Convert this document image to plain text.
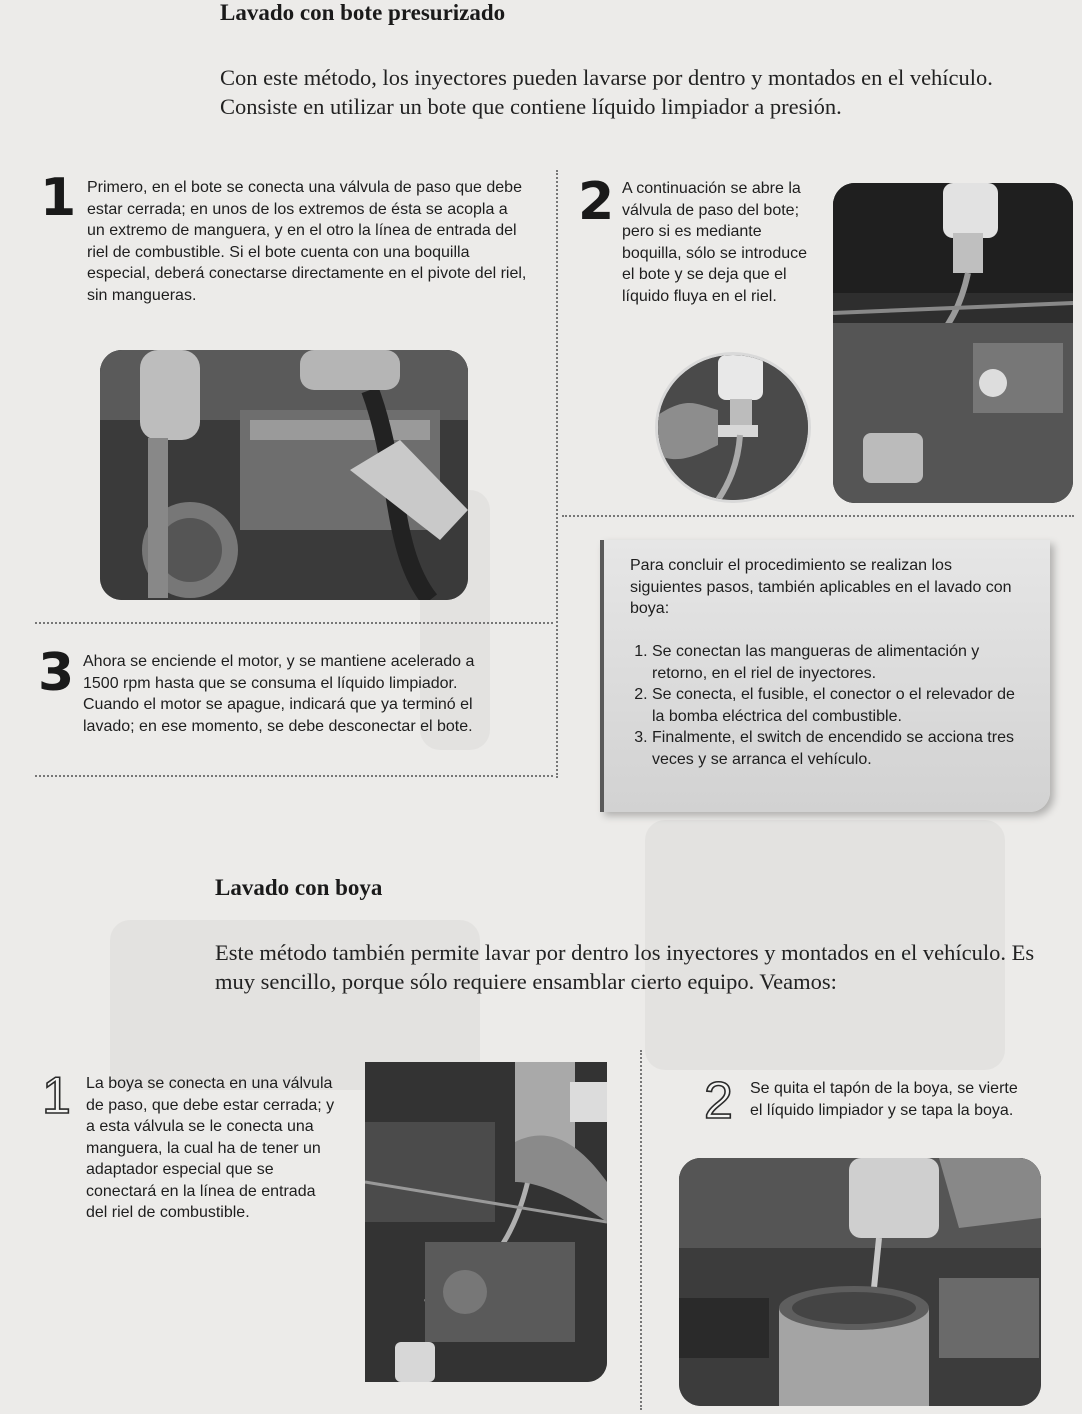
Lavado con bote presurizado
Con este método, los inyectores pueden lavarse por dentro y montados en el vehículo. Consiste en utilizar un bote que contiene líquido limpiador a presión.
1 Primero, en el bote se conecta una válvula de paso que debe estar cerrada; en unos de los extremos de ésta se acopla a un extremo de manguera, y en el otro la línea de entrada del riel de combustible. Si el bote cuenta con una boquilla especial, deberá conectarse directamente en el pivote del riel, sin mangueras.
3 Ahora se enciende el motor, y se mantiene acelerado a 1500 rpm hasta que se consuma el líquido limpiador. Cuando el motor se apague, indicará que ya terminó el lavado; en ese momento, se debe desconectar el bote.
2 A continuación se abre la válvula de paso del bote; pero si es mediante boquilla, sólo se introduce el bote y se deja que el líquido fluya en el riel.
Para concluir el procedimiento se realizan los siguientes pasos, también aplicables en el lavado con boya:
1. Se conectan las mangueras de alimentación y retorno, en el riel de inyectores.
2. Se conecta, el fusible, el conector o el relevador de la bomba eléctrica del combustible.
3. Finalmente, el switch de encendido se acciona tres veces y se arranca el vehículo.
Lavado con boya
Este método también permite lavar por dentro los inyectores y montados en el vehículo. Es muy sencillo, porque sólo requiere ensamblar cierto equipo. Veamos:
1 La boya se conecta en una válvula de paso, que debe estar cerrada; y a esta válvula se le conecta una manguera, la cual ha de tener un adaptador especial que se conectará en la línea de entrada del riel de combustible.
2 Se quita el tapón de la boya, se vierte el líquido limpiador y se tapa la boya.
